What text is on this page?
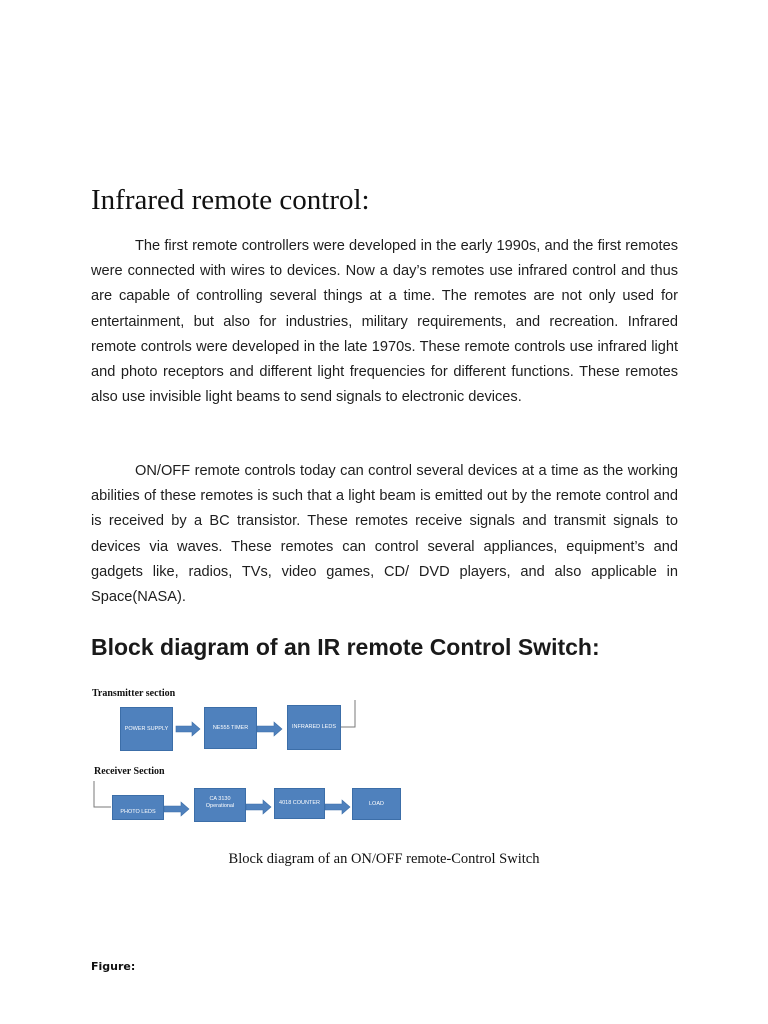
Infrared remote control:

The first remote controllers were developed in the early 1990s, and the first remotes were connected with wires to devices. Now a day’s remotes use infrared control and thus are capable of controlling several things at a time. The remotes are not only used for entertainment, but also for industries, military requirements, and recreation. Infrared remote controls were developed in the late 1970s. These remote controls use infrared light and photo receptors and different light frequencies for different functions. These remotes also use invisible light beams to send signals to electronic devices.

ON/OFF remote controls today can control several devices at a time as the working abilities of these remotes is such that a light beam is emitted out by the remote control and is received by a BC transistor. These remotes receive signals and transmit signals to devices via waves. These remotes can control several appliances, equipment’s and gadgets like, radios, TVs, video games, CD/ DVD players, and also applicable in Space(NASA).

Block diagram of an IR remote Control Switch:
Transmitter section
POWER SUPPLY	NE555 TIMER	INFRARED LEDS
Receiver Section
PHOTO LEDS
CA 3130 Operational	4018 COUNTER	LOAD
Block diagram of an ON/OFF remote-Control Switch
Figure:
